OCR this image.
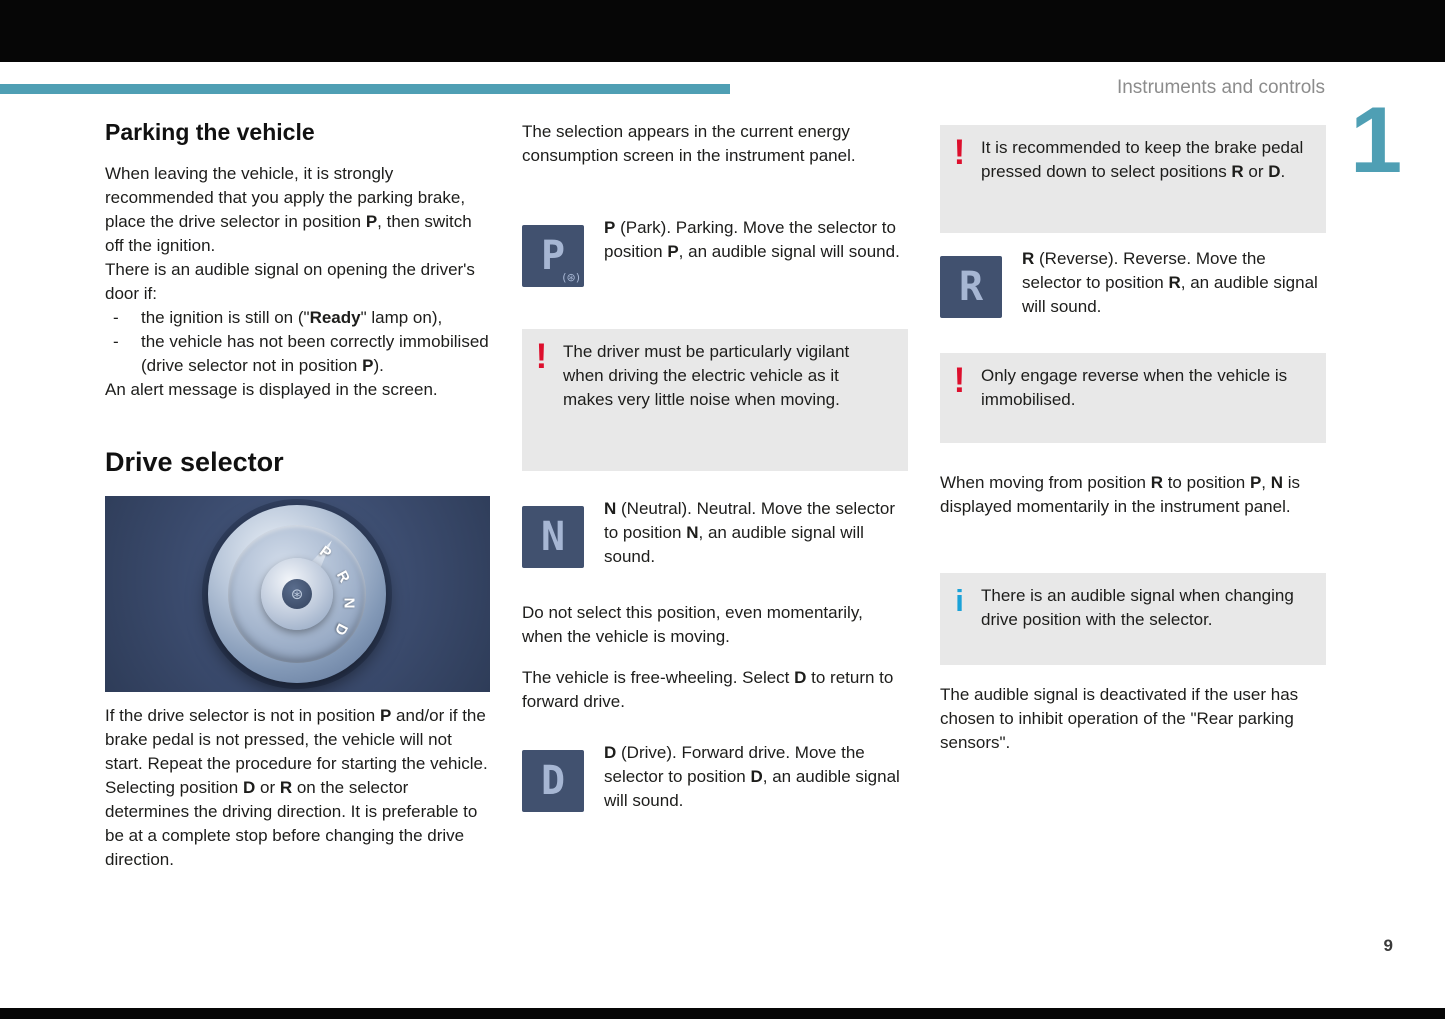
Instruments and controls 1
Parking the vehicle

When leaving the vehicle, it is strongly recommended that you apply the parking brake, place the drive selector in position P, then switch off the ignition.

There is an audible signal on opening the driver's door if:

-	the ignition is still on ("Ready" lamp on),
-	the vehicle has not been correctly immobilised (drive selector not in position P).

An alert message is displayed in the screen.

Drive selector
⊛
P
R
N
D

If the drive selector is not in position P and/or if the brake pedal is not pressed, the vehicle will not start. Repeat the procedure for starting the vehicle.

Selecting position D or R on the selector determines the driving direction. It is preferable to be at a complete stop before changing the drive direction.

The selection appears in the current energy consumption screen in the instrument panel.

P
(⊛)

P (Park). Parking. Move the selector to position P, an audible signal will sound.

! The driver must be particularly vigilant when driving the electric vehicle as it makes very little noise when moving.

N

N (Neutral). Neutral. Move the selector to position N, an audible signal will sound.

Do not select this position, even momentarily, when the vehicle is moving.

The vehicle is free-wheeling. Select D to return to forward drive.

D

D (Drive). Forward drive. Move the selector to position D, an audible signal will sound.

! It is recommended to keep the brake pedal pressed down to select positions R or D.

R

R (Reverse). Reverse. Move the selector to position R, an audible signal will sound.

! Only engage reverse when the vehicle is immobilised.

When moving from position R to position P, N is displayed momentarily in the instrument panel.

i	There is an audible signal when changing drive position with the selector.

The audible signal is deactivated if the user has chosen to inhibit operation of the "Rear parking sensors".

9
